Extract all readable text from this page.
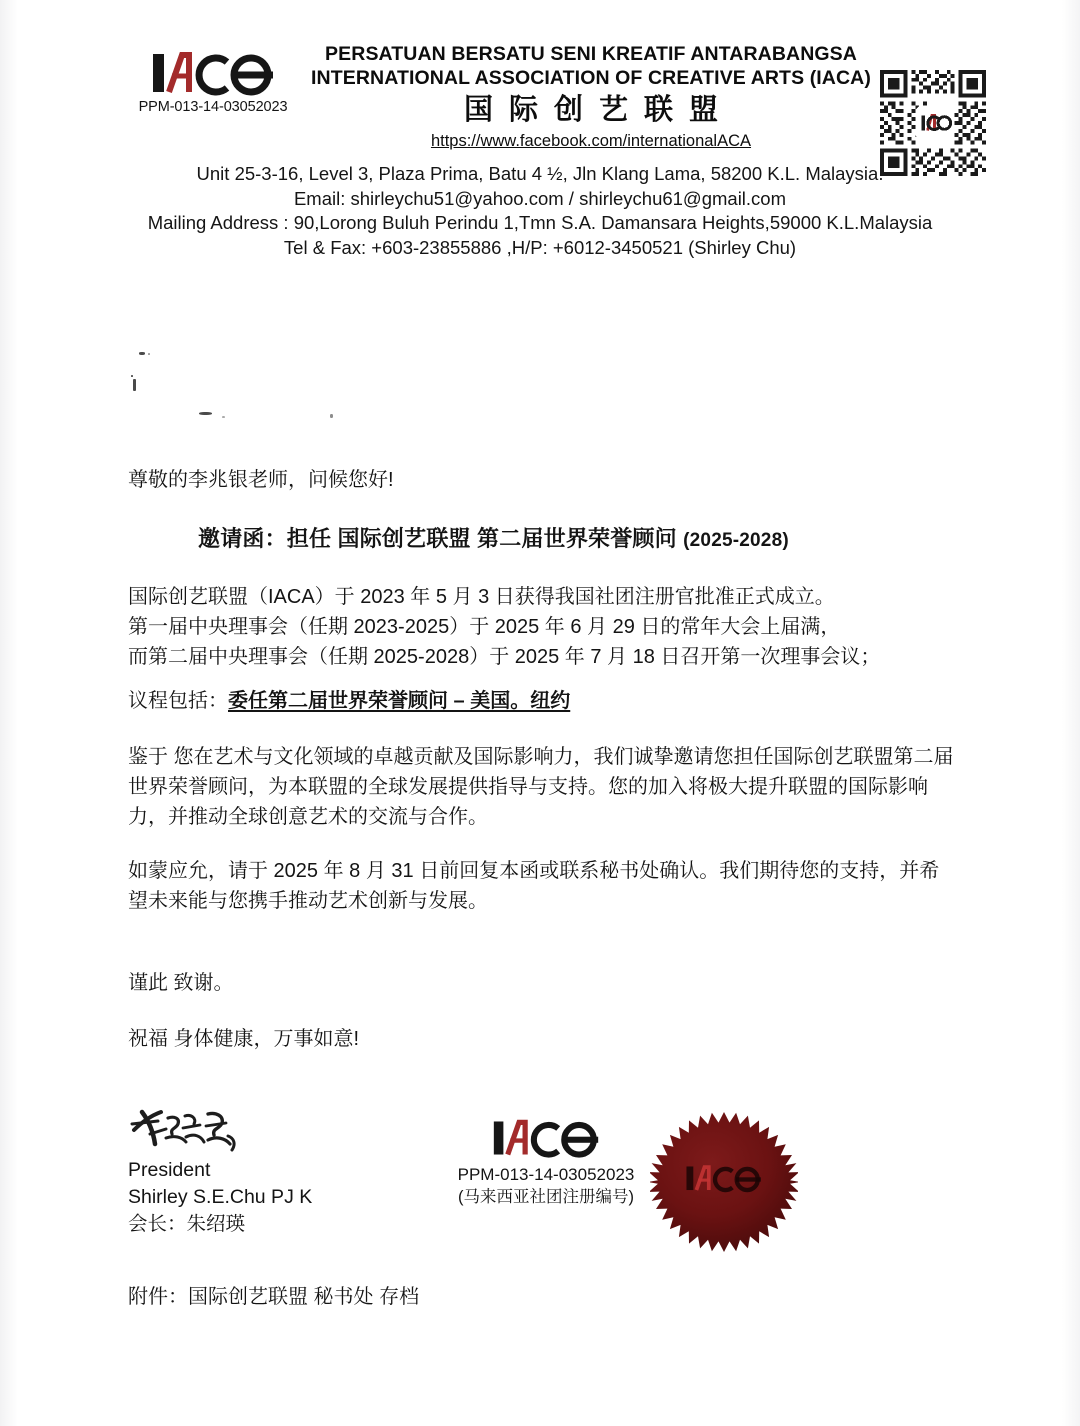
PPM-013-14-03052023
PERSATUAN BERSATU SENI KREATIF ANTARABANGSA
INTERNATIONAL ASSOCIATION OF CREATIVE ARTS (IACA)
国际创艺联盟
https://www.facebook.com/internationalACA
Unit 25-3-16, Level 3, Plaza Prima, Batu 4 ½, Jln Klang Lama, 58200 K.L. Malaysia.
Email: shirleychu51@yahoo.com / shirleychu61@gmail.com
Mailing Address : 90,Lorong Buluh Perindu 1,Tmn S.A. Damansara Heights,59000 K.L.Malaysia
Tel & Fax: +603-23855886 ,H/P: +6012-3450521 (Shirley Chu)
尊敬的李兆银老师，问候您好!
邀请函：担任 国际创艺联盟 第二届世界荣誉顾问 (2025-2028)
国际创艺联盟（IACA）于 2023 年 5 月 3 日获得我国社团注册官批准正式成立。
第一届中央理事会（任期 2023-2025）于 2025 年 6 月 29 日的常年大会上届满，
而第二届中央理事会（任期 2025-2028）于 2025 年 7 月 18 日召开第一次理事会议；
议程包括：委任第二届世界荣誉顾问 – 美国。纽约
鉴于 您在艺术与文化领域的卓越贡献及国际影响力，我们诚挚邀请您担任国际创艺联盟第二届世界荣誉顾问，为本联盟的全球发展提供指导与支持。您的加入将极大提升联盟的国际影响力，并推动全球创意艺术的交流与合作。
如蒙应允，请于 2025 年 8 月 31 日前回复本函或联系秘书处确认。我们期待您的支持，并希望未来能与您携手推动艺术创新与发展。
谨此 致谢。
祝福 身体健康，万事如意!
President
Shirley S.E.Chu PJ K
会长：朱绍瑛
PPM-013-14-03052023
(马来西亚社团注册编号)
附件：国际创艺联盟 秘书处 存档
